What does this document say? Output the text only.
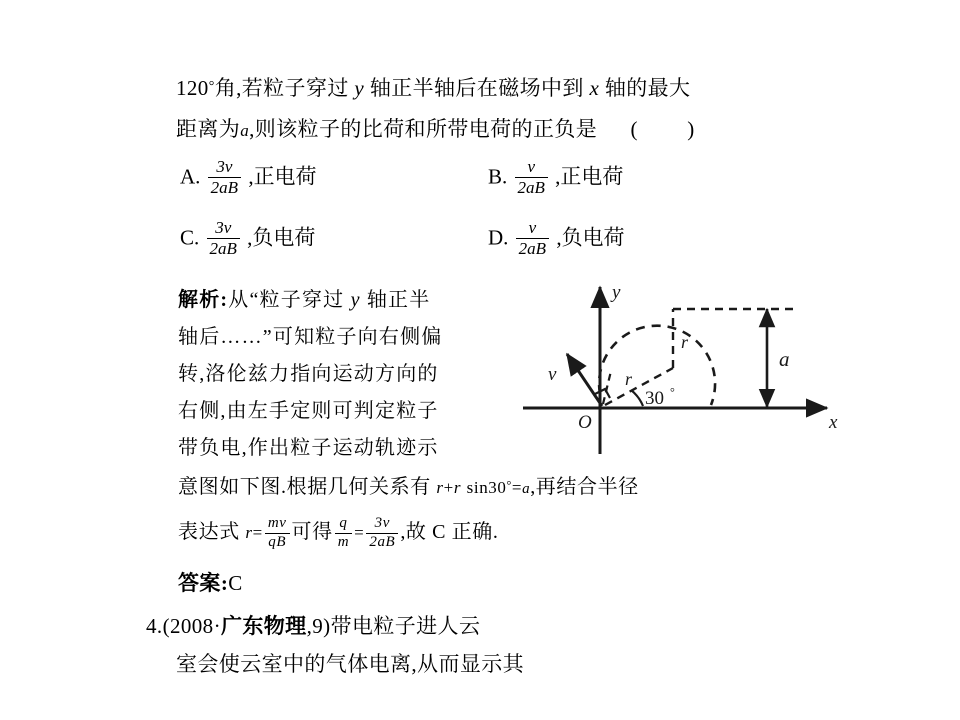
120°角,若粒子穿过 y 轴正半轴后在磁场中到 x 轴的最大
距离为a,则该粒子的比荷和所带电荷的正负是 ( )
A. $\frac{3v}{2aB}$ ,正电荷	B. $\frac{v}{2aB}$ ,正电荷
C. $\frac{3v}{2aB}$ ,负电荷	D. $\frac{v}{2aB}$ ,负电荷
解析:从“粒子穿过 y 轴正半
轴后……”可知粒子向右侧偏
转,洛伦兹力指向运动方向的
右侧,由左手定则可判定粒子
带负电,作出粒子运动轨迹示
意图如下图.根据几何关系有 r+r sin30°=a,再结合半径
表达式 $r= \frac{mv}{qB}$ 可得 $\frac{q}{m} = \frac{3v}{2aB}$ ,故 C 正确.
答案:C
4.(2008·广东物理,9)带电粒子进人云
室会使云室中的气体电离,从而显示其
y
x
O
v
r
r
30 °
a
